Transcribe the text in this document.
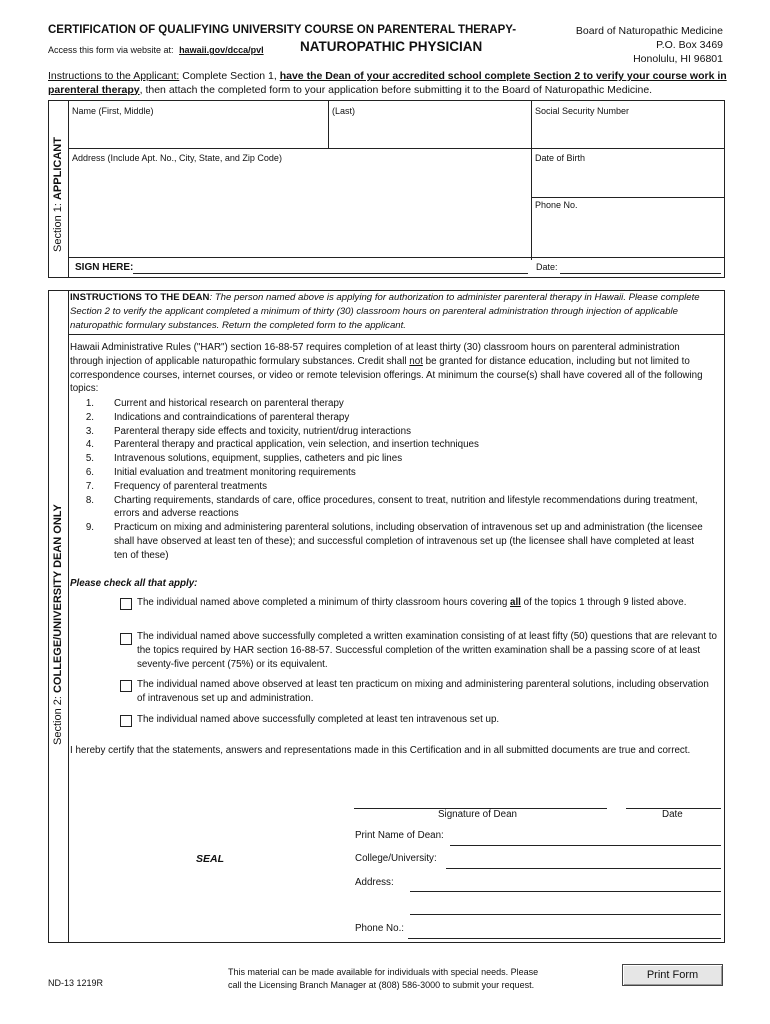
CERTIFICATION OF QUALIFYING UNIVERSITY COURSE ON PARENTERAL THERAPY-
NATUROPATHIC PHYSICIAN
Access this form via website at: hawaii.gov/dcca/pvl
Board of Naturopathic Medicine
P.O. Box 3469
Honolulu, HI 96801
Instructions to the Applicant: Complete Section 1, have the Dean of your accredited school complete Section 2 to verify your course work in parenteral therapy, then attach the completed form to your application before submitting it to the Board of Naturopathic Medicine.
Section 1: APPLICANT
Name (First, Middle)	(Last)	Social Security Number
Address (Include Apt. No., City, State, and Zip Code)	Date of Birth
Phone No.
SIGN HERE:	Date:
Section 2: COLLEGE/UNIVERSITY DEAN ONLY
INSTRUCTIONS TO THE DEAN: The person named above is applying for authorization to administer parenteral therapy in Hawaii. Please complete Section 2 to verify the applicant completed a minimum of thirty (30) classroom hours on parenteral administration through injection of applicable naturopathic formulary substances. Return the completed form to the applicant.
Hawaii Administrative Rules ("HAR") section 16-88-57 requires completion of at least thirty (30) classroom hours on parenteral administration through injection of applicable naturopathic formulary substances. Credit shall not be granted for distance education, including but not limited to correspondence courses, internet courses, or video or remote television offerings. At minimum the course(s) shall have covered all of the following topics:
1. Current and historical research on parenteral therapy
2. Indications and contraindications of parenteral therapy
3. Parenteral therapy side effects and toxicity, nutrient/drug interactions
4. Parenteral therapy and practical application, vein selection, and insertion techniques
5. Intravenous solutions, equipment, supplies, catheters and pic lines
6. Initial evaluation and treatment monitoring requirements
7. Frequency of parenteral treatments
8. Charting requirements, standards of care, office procedures, consent to treat, nutrition and lifestyle recommendations during treatment, errors and adverse reactions
9. Practicum on mixing and administering parenteral solutions, including observation of intravenous set up and administration (the licensee shall have observed at least ten of these); and successful completion of intravenous set up (the licensee shall have completed at least ten of these)
Please check all that apply:
The individual named above completed a minimum of thirty classroom hours covering all of the topics 1 through 9 listed above.
The individual named above successfully completed a written examination consisting of at least fifty (50) questions that are relevant to the topics required by HAR section 16-88-57. Successful completion of the written examination shall be a passing score of at least seventy-five percent (75%) or its equivalent.
The individual named above observed at least ten practicum on mixing and administering parenteral solutions, including observation of intravenous set up and administration.
The individual named above successfully completed at least ten intravenous set up.
I hereby certify that the statements, answers and representations made in this Certification and in all submitted documents are true and correct.
Signature of Dean	Date
Print Name of Dean:
SEAL	College/University:
Address:
Phone No.:
ND-13 1219R
This material can be made available for individuals with special needs. Please
call the Licensing Branch Manager at (808) 586-3000 to submit your request.
Print Form
